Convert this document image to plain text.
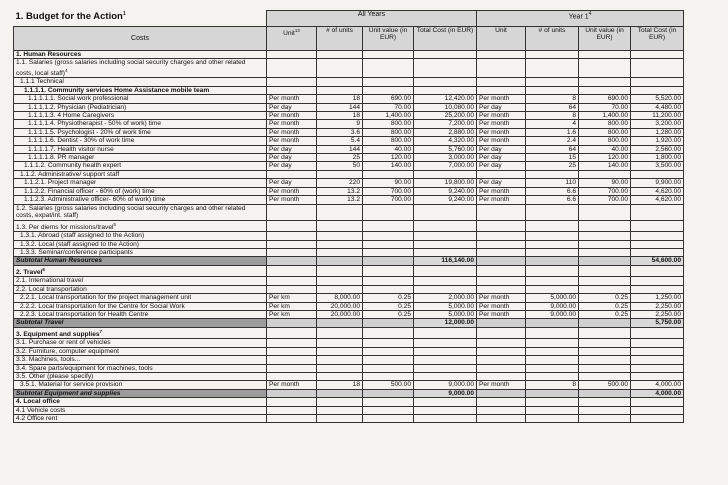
1. Budget for the Action$^1$	All Years				Year $1^4$	
Costs	Unit$^{13}$	# of units	Unit value (in EUR)	Total Cost (in EUR)	Unit	# of units	Unit value (in EUR)	Total Cost (in EUR)	
1. Human Resources									
1.1. Salaries (gross salaries including social security charges and other related costs, local staff)$^4$									
1.1.1 Technical									
1.1.1.1. Community services Home Assistance mobile team									
1.1.1.1.1. Social work professional	Per month	18	690.00	12,420.00	Per month	8	690.00	5,520.00	
1.1.1.1.2. Physician (Pediatrician)	Per day	144	70.00	10,080.00	Per day	64	70.00	4,480.00	
1.1.1.1.3. 4 Home Caregivers	Per month	18	1,400.00	25,200.00	Per month	8	1,400.00	11,200.00	
1.1.1.1.4. Physiotherapist - 50% of work) time	Per month	9	800.00	7,200.00	Per month	4	800.00	3,200.00	
1.1.1.1.5. Psychologist - 20% of work time	Per month	3.6	800.00	2,880.00	Per month	1.6	800.00	1,280.00	
1.1.1.1.6. Dentist - 30% of work time	Per month	5.4	800.00	4,320.00	Per month	2.4	800.00	1,920.00	
1.1.1.1.7. Health visitor nurse	Per day	144	40.00	5,760.00	Per day	64	40.00	2,560.00	
1.1.1.1.8. PR manager	Per day	25	120.00	3,000.00	Per day	15	120.00	1,800.00	
1.1.1.2. Community health expert	Per day	50	140.00	7,000.00	Per day	25	140.00	3,500.00	
1.1.2. Administrative/ support staff									
1.1.2.1. Project manager	Per day	220	90.00	19,800.00	Per day	110	90.00	9,900.00	
1.1.2.2. Financial officer - 60% of (work) time	Per month	13.2	700.00	9,240.00	Per month	6.6	700.00	4,620.00	
1.1.2.3. Administrative officer- 60% of work) time	Per month	13.2	700.00	9,240.00	Per month	6.6	700.00	4,620.00	
1.2. Salaries (gross salaries including social security charges and other related costs, expat/int. staff)									
1.3. Per diems for missions/travel$^5$									
1.3.1. Abroad (staff assigned to the Action)									
1.3.2. Local (staff assigned to the Action)									
1.3.3. Seminar/conference participants									
Subtotal Human Resources				116,140.00				54,600.00	
2. Travel$^6$									
2.1. International travel									
2.2. Local transportation									
2.2.1. Local transportation for the project management unit	Per km	8,000.00	0.25	2,000.00	Per month	5,000.00	0.25	1,250.00	
2.2.2. Local transportation for the Centre for Social Work	Per km	20,000.00	0.25	5,000.00	Per month	9,000.00	0.25	2,250.00	
2.2.3. Local transportation for Health Centre	Per km	20,000.00	0.25	5,000.00	Per month	9,000.00	0.25	2,250.00	
Subtotal Travel				12,000.00				5,750.00	
3. Equipment and supplies$^7$									
3.1. Purchase or rent of vehicles									
3.2. Furniture, computer equipment									
3.3. Machines, tools...									
3.4. Spare parts/equipment for machines, tools									
3.5. Other (please specify)									
3.5.1. Material for service provision	Per month	18	500.00	9,000.00	Per month	8	500.00	4,000.00	
Subtotal Equipment and supplies				9,000.00				4,000.00	
4. Local office									
4.1 Vehicle costs									
4.2 Office rent									
